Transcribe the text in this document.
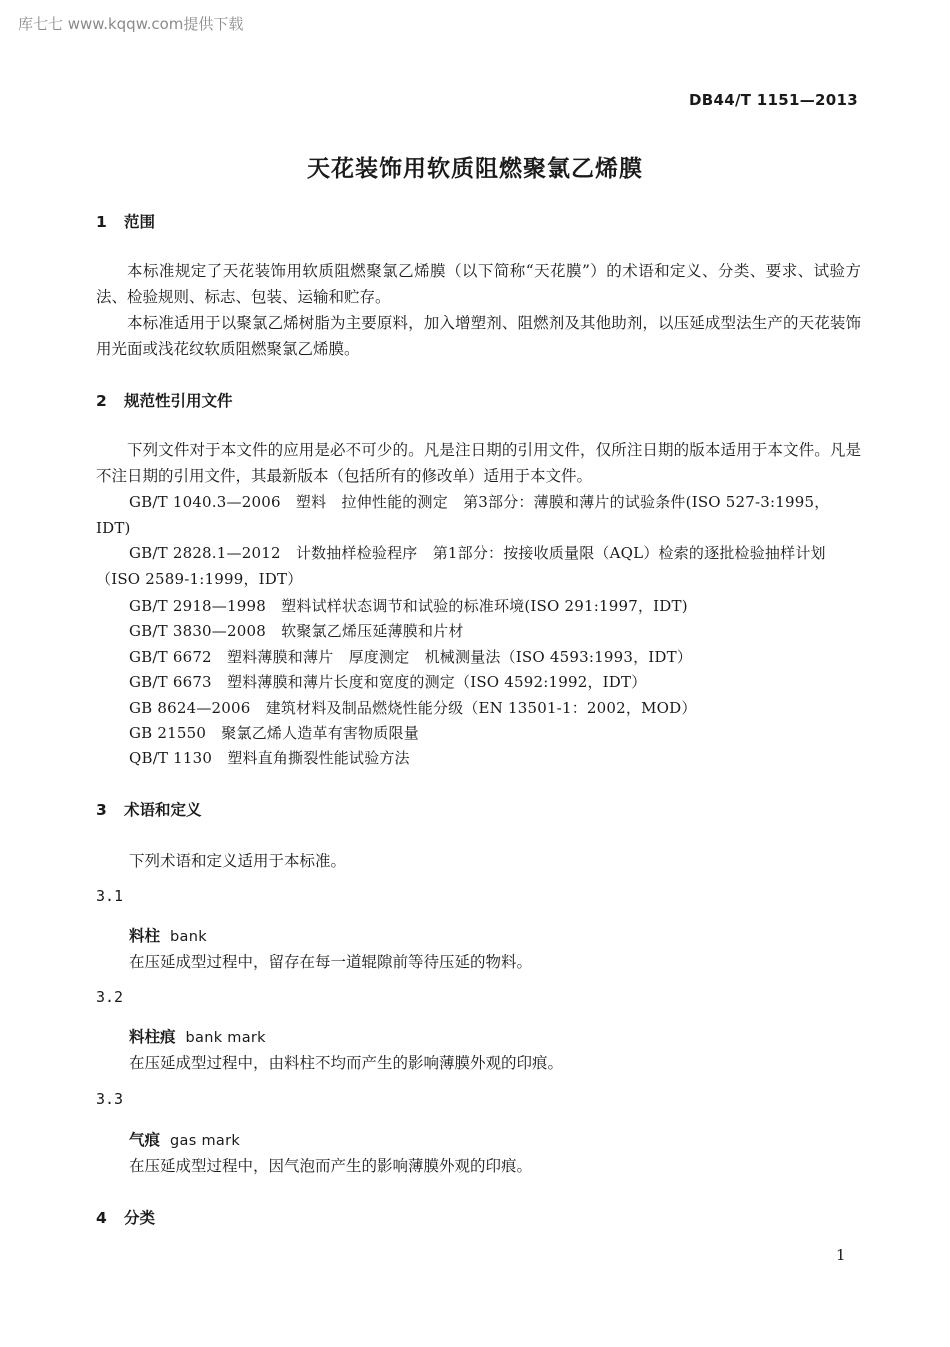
库七七 www.kqqw.com提供下载
DB44/T 1151—2013
天花装饰用软质阻燃聚氯乙烯膜
1 范围

本标准规定了天花装饰用软质阻燃聚氯乙烯膜（以下简称“天花膜”）的术语和定义、分类、要求、试验方法、检验规则、标志、包装、运输和贮存。

本标准适用于以聚氯乙烯树脂为主要原料，加入增塑剂、阻燃剂及其他助剂，以压延成型法生产的天花装饰用光面或浅花纹软质阻燃聚氯乙烯膜。

2 规范性引用文件

下列文件对于本文件的应用是必不可少的。凡是注日期的引用文件，仅所注日期的版本适用于本文件。凡是不注日期的引用文件，其最新版本（包括所有的修改单）适用于本文件。

GB/T 1040.3—2006　塑料　拉伸性能的测定　第3部分：薄膜和薄片的试验条件(ISO 527-3:1995，IDT)
GB/T 2828.1—2012　计数抽样检验程序　第1部分：按接收质量限（AQL）检索的逐批检验抽样计划（ISO 2589-1:1999，IDT）
GB/T 2918—1998　塑料试样状态调节和试验的标准环境(ISO 291:1997，IDT)
GB/T 3830—2008　软聚氯乙烯压延薄膜和片材
GB/T 6672　塑料薄膜和薄片　厚度测定　机械测量法（ISO 4593:1993，IDT）
GB/T 6673　塑料薄膜和薄片长度和宽度的测定（ISO 4592:1992，IDT）
GB 8624—2006　建筑材料及制品燃烧性能分级（EN 13501-1：2002，MOD）
GB 21550　聚氯乙烯人造革有害物质限量
QB/T 1130　塑料直角撕裂性能试验方法
3 术语和定义
下列术语和定义适用于本标准。
3.1
料柱 bank
在压延成型过程中，留存在每一道辊隙前等待压延的物料。
3.2
料柱痕 bank mark
在压延成型过程中，由料柱不均而产生的影响薄膜外观的印痕。
3.3
气痕 gas mark
在压延成型过程中，因气泡而产生的影响薄膜外观的印痕。
4 分类
1
